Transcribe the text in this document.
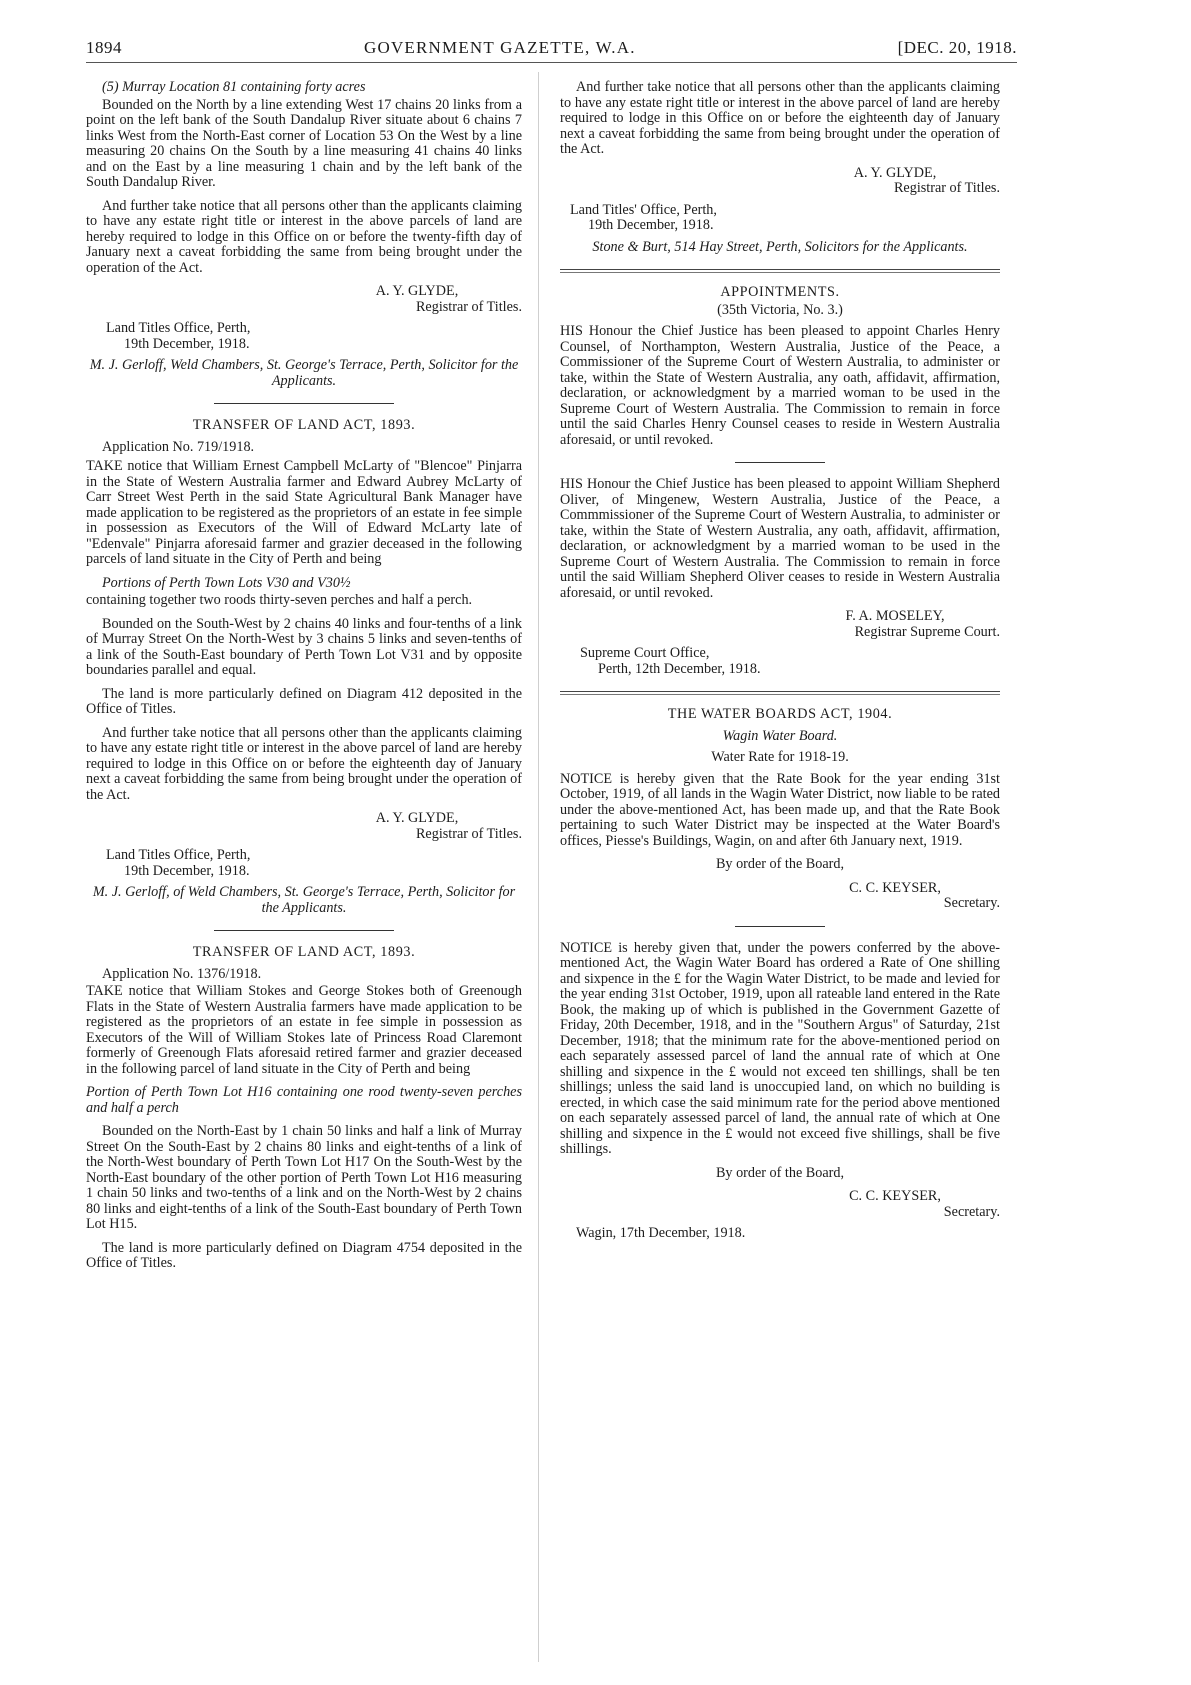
1894	GOVERNMENT GAZETTE, W.A.	[DEC. 20, 1918.

(5) Murray Location 81 containing forty acres

Bounded on the North by a line extending West 17 chains 20 links from a point on the left bank of the South Dandalup River situate about 6 chains 7 links West from the North-East corner of Location 53 On the West by a line measuring 20 chains On the South by a line measuring 41 chains 40 links and on the East by a line measuring 1 chain and by the left bank of the South Dandalup River.

And further take notice that all persons other than the applicants claiming to have any estate right title or interest in the above parcels of land are hereby required to lodge in this Office on or before the twenty-fifth day of January next a caveat forbidding the same from being brought under the operation of the Act.

A. Y. GLYDE,
Registrar of Titles.
Land Titles Office, Perth,
19th December, 1918.

M. J. Gerloff, Weld Chambers, St. George's Terrace, Perth, Solicitor for the Applicants.

TRANSFER OF LAND ACT, 1893.

Application No. 719/1918.

TAKE notice that William Ernest Campbell McLarty of "Blencoe" Pinjarra in the State of Western Australia farmer and Edward Aubrey McLarty of Carr Street West Perth in the said State Agricultural Bank Manager have made application to be registered as the proprietors of an estate in fee simple in possession as Executors of the Will of Edward McLarty late of "Edenvale" Pinjarra aforesaid farmer and grazier deceased in the following parcels of land situate in the City of Perth and being

Portions of Perth Town Lots V30 and V30½

containing together two roods thirty-seven perches and half a perch.

Bounded on the South-West by 2 chains 40 links and four-tenths of a link of Murray Street On the North-West by 3 chains 5 links and seven-tenths of a link of the South-East boundary of Perth Town Lot V31 and by opposite boundaries parallel and equal.

The land is more particularly defined on Diagram 412 deposited in the Office of Titles.

And further take notice that all persons other than the applicants claiming to have any estate right title or interest in the above parcel of land are hereby required to lodge in this Office on or before the eighteenth day of January next a caveat forbidding the same from being brought under the operation of the Act.

A. Y. GLYDE,
Registrar of Titles.
Land Titles Office, Perth,
19th December, 1918.

M. J. Gerloff, of Weld Chambers, St. George's Terrace, Perth, Solicitor for the Applicants.

TRANSFER OF LAND ACT, 1893.

Application No. 1376/1918.

TAKE notice that William Stokes and George Stokes both of Greenough Flats in the State of Western Australia farmers have made application to be registered as the proprietors of an estate in fee simple in possession as Executors of the Will of William Stokes late of Princess Road Claremont formerly of Greenough Flats aforesaid retired farmer and grazier deceased in the following parcel of land situate in the City of Perth and being

Portion of Perth Town Lot H16 containing one rood twenty-seven perches and half a perch

Bounded on the North-East by 1 chain 50 links and half a link of Murray Street On the South-East by 2 chains 80 links and eight-tenths of a link of the North-West boundary of Perth Town Lot H17 On the South-West by the North-East boundary of the other portion of Perth Town Lot H16 measuring 1 chain 50 links and two-tenths of a link and on the North-West by 2 chains 80 links and eight-tenths of a link of the South-East boundary of Perth Town Lot H15.

The land is more particularly defined on Diagram 4754 deposited in the Office of Titles.

And further take notice that all persons other than the applicants claiming to have any estate right title or interest in the above parcel of land are hereby required to lodge in this Office on or before the eighteenth day of January next a caveat forbidding the same from being brought under the operation of the Act.

A. Y. GLYDE,
Registrar of Titles.
Land Titles' Office, Perth,
19th December, 1918.

Stone & Burt, 514 Hay Street, Perth, Solicitors for the Applicants.

APPOINTMENTS.
(35th Victoria, No. 3.)

HIS Honour the Chief Justice has been pleased to appoint Charles Henry Counsel, of Northampton, Western Australia, Justice of the Peace, a Commissioner of the Supreme Court of Western Australia, to administer or take, within the State of Western Australia, any oath, affidavit, affirmation, declaration, or acknowledgment by a married woman to be used in the Supreme Court of Western Australia. The Commission to remain in force until the said Charles Henry Counsel ceases to reside in Western Australia aforesaid, or until revoked.

HIS Honour the Chief Justice has been pleased to appoint William Shepherd Oliver, of Mingenew, Western Australia, Justice of the Peace, a Commmissioner of the Supreme Court of Western Australia, to administer or take, within the State of Western Australia, any oath, affidavit, affirmation, declaration, or acknowledgment by a married woman to be used in the Supreme Court of Western Australia. The Commission to remain in force until the said William Shepherd Oliver ceases to reside in Western Australia aforesaid, or until revoked.

F. A. MOSELEY,
Registrar Supreme Court.
Supreme Court Office,
Perth, 12th December, 1918.
THE WATER BOARDS ACT, 1904.
Wagin Water Board.
Water Rate for 1918-19.

NOTICE is hereby given that the Rate Book for the year ending 31st October, 1919, of all lands in the Wagin Water District, now liable to be rated under the above-mentioned Act, has been made up, and that the Rate Book pertaining to such Water District may be inspected at the Water Board's offices, Piesse's Buildings, Wagin, on and after 6th January next, 1919.

By order of the Board,

C. C. KEYSER,
Secretary.

NOTICE is hereby given that, under the powers conferred by the above-mentioned Act, the Wagin Water Board has ordered a Rate of One shilling and sixpence in the £ for the Wagin Water District, to be made and levied for the year ending 31st October, 1919, upon all rateable land entered in the Rate Book, the making up of which is published in the Government Gazette of Friday, 20th December, 1918, and in the "Southern Argus" of Saturday, 21st December, 1918; that the minimum rate for the above-mentioned period on each separately assessed parcel of land the annual rate of which at One shilling and sixpence in the £ would not exceed ten shillings, shall be ten shillings; unless the said land is unoccupied land, on which no building is erected, in which case the said minimum rate for the period above mentioned on each separately assessed parcel of land, the annual rate of which at One shilling and sixpence in the £ would not exceed five shillings, shall be five shillings.

By order of the Board,

C. C. KEYSER,
Secretary.

Wagin, 17th December, 1918.
